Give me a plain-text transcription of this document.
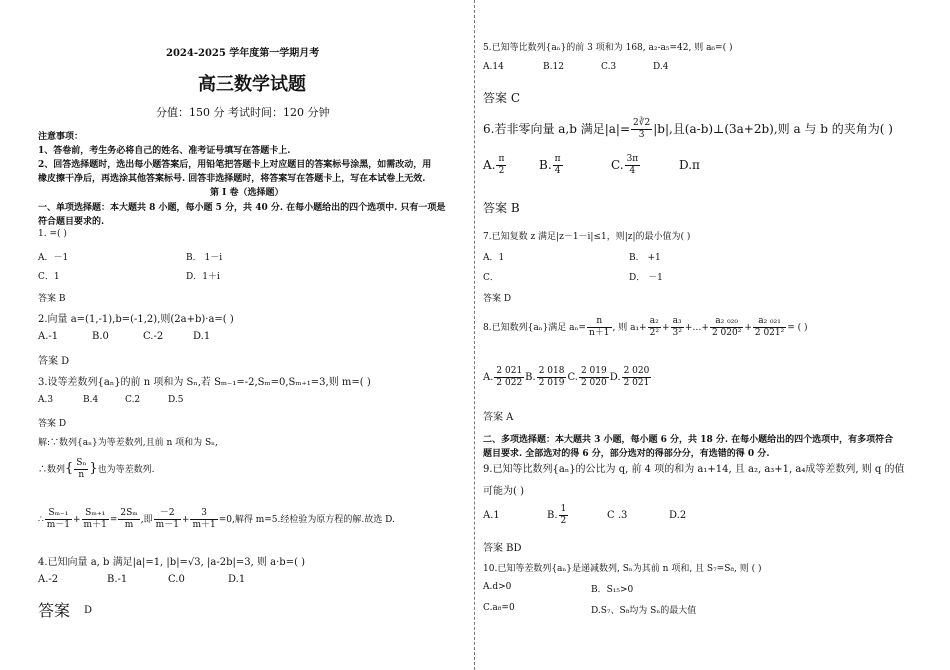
2024-2025 学年度第一学期月考
高三数学试题
分值：150 分 考试时间：120 分钟
注意事项：
1、答卷前，考生务必将自己的姓名、准考证号填写在答题卡上.
2、回答选择题时，选出每小题答案后，用铅笔把答题卡上对应题目的答案标号涂黑，如需改动，用
橡皮擦干净后，再选涂其他答案标号. 回答非选择题时，将答案写在答题卡上，写在本试卷上无效.
第 I 卷（选择题）
一、单项选择题：本大题共 8 小题，每小题 5 分，共 40 分. 在每小题给出的四个选项中. 只有一项是
符合题目要求的.
1. =( )
A．－1	B． 1－i
C．1	D．1＋i
答案 B
2.向量 a=(1,-1),b=(-1,2),则(2a+b)·a=( )
A.-1	B.0	C.-2	D.1
答案 D
3.设等差数列{aₙ}的前 n 项和为 Sₙ,若 Sₘ₋₁=-2,Sₘ=0,Sₘ₊₁=3,则 m=( )
A.3	B.4	C.2	D.5
答案 D
解:∵数列{aₙ}为等差数列,且前 n 项和为 Sₙ,
∴数列{ $\frac{\text{Sₙ}}{n}$ }也为等差数列.
∴ $\frac{\text{Sₘ₋₁}}{m-1} + \frac{\text{Sₘ₊₁}}{m+1} = \frac{\text{2Sₘ}}{m}$ ,即 $\frac{-2}{m-1} + \frac{3}{m+1} =0$,解得 m=5.经检验为原方程的解.故选 D.
4.已知向量 a, b 满足|a|=1, |b|=√3, |a-2b|=3, 则 a·b=( )
A.-2	B.-1	C.0	D.1
答案 D
5.已知等比数列{aₙ}的前 3 项和为 168, a₂-a₅=42, 则 a₆=( )
A.14	B.12	C.3	D.4
答案 C
6.若非零向量 a,b 满足$|a|= \frac{2∛2}{3} |b|$,且(a-b)⊥(3a+2b),则 a 与 b 的夹角为( )
A. $\frac{\pi}{2}$	B. $\frac{\pi}{4}$	C. $\frac{3\pi}{4}$	D.π
答案 B
7.已知复数 z 满足|z－1－i|≤1，则|z|的最小值为( )
A．1	B． +1
C．	D． －1
答案 D
8.已知数列{aₙ}满足 $a_n= \frac{n}{n+1}$ , 则 $a_1+ \frac{\text{a₂}}{\text{2²}} + \frac{\text{a₃}}{\text{3²}}$ +…+ $\frac{\text{a₂ ₀₂₀}}{\text{2 020²}} + \frac{\text{a₂ ₀₂₁}}{\text{2 021²}}$ = ( )
A. $\frac{2 021}{2 022} B$. $\frac{2 018}{2 019} C$. $\frac{2 019}{2 020} D$. $\frac{2 020}{2 021}$
答案 A
二、多项选择题：本大题共 3 小题，每小题 6 分，共 18 分. 在每小题给出的四个选项中，有多项符合
题目要求. 全部选对的得 6 分，部分选对的得部分分，有选错的得 0 分.
9.已知等比数列{aₙ}的公比为 q, 前 4 项的和为 a₁+14, 且 a₂, a₃+1, a₄成等差数列, 则 q 的值
可能为( )
A.1	B. $\frac{1}{2}$	C .3	D.2
答案 BD
10.已知等差数列{aₙ}是递减数列, Sₙ为其前 n 项和, 且 S₇=S₈, 则 ( )
A.d>0	B．S₁₅>0
C.a₈=0	D.S₇、S₈均为 Sₙ的最大值
